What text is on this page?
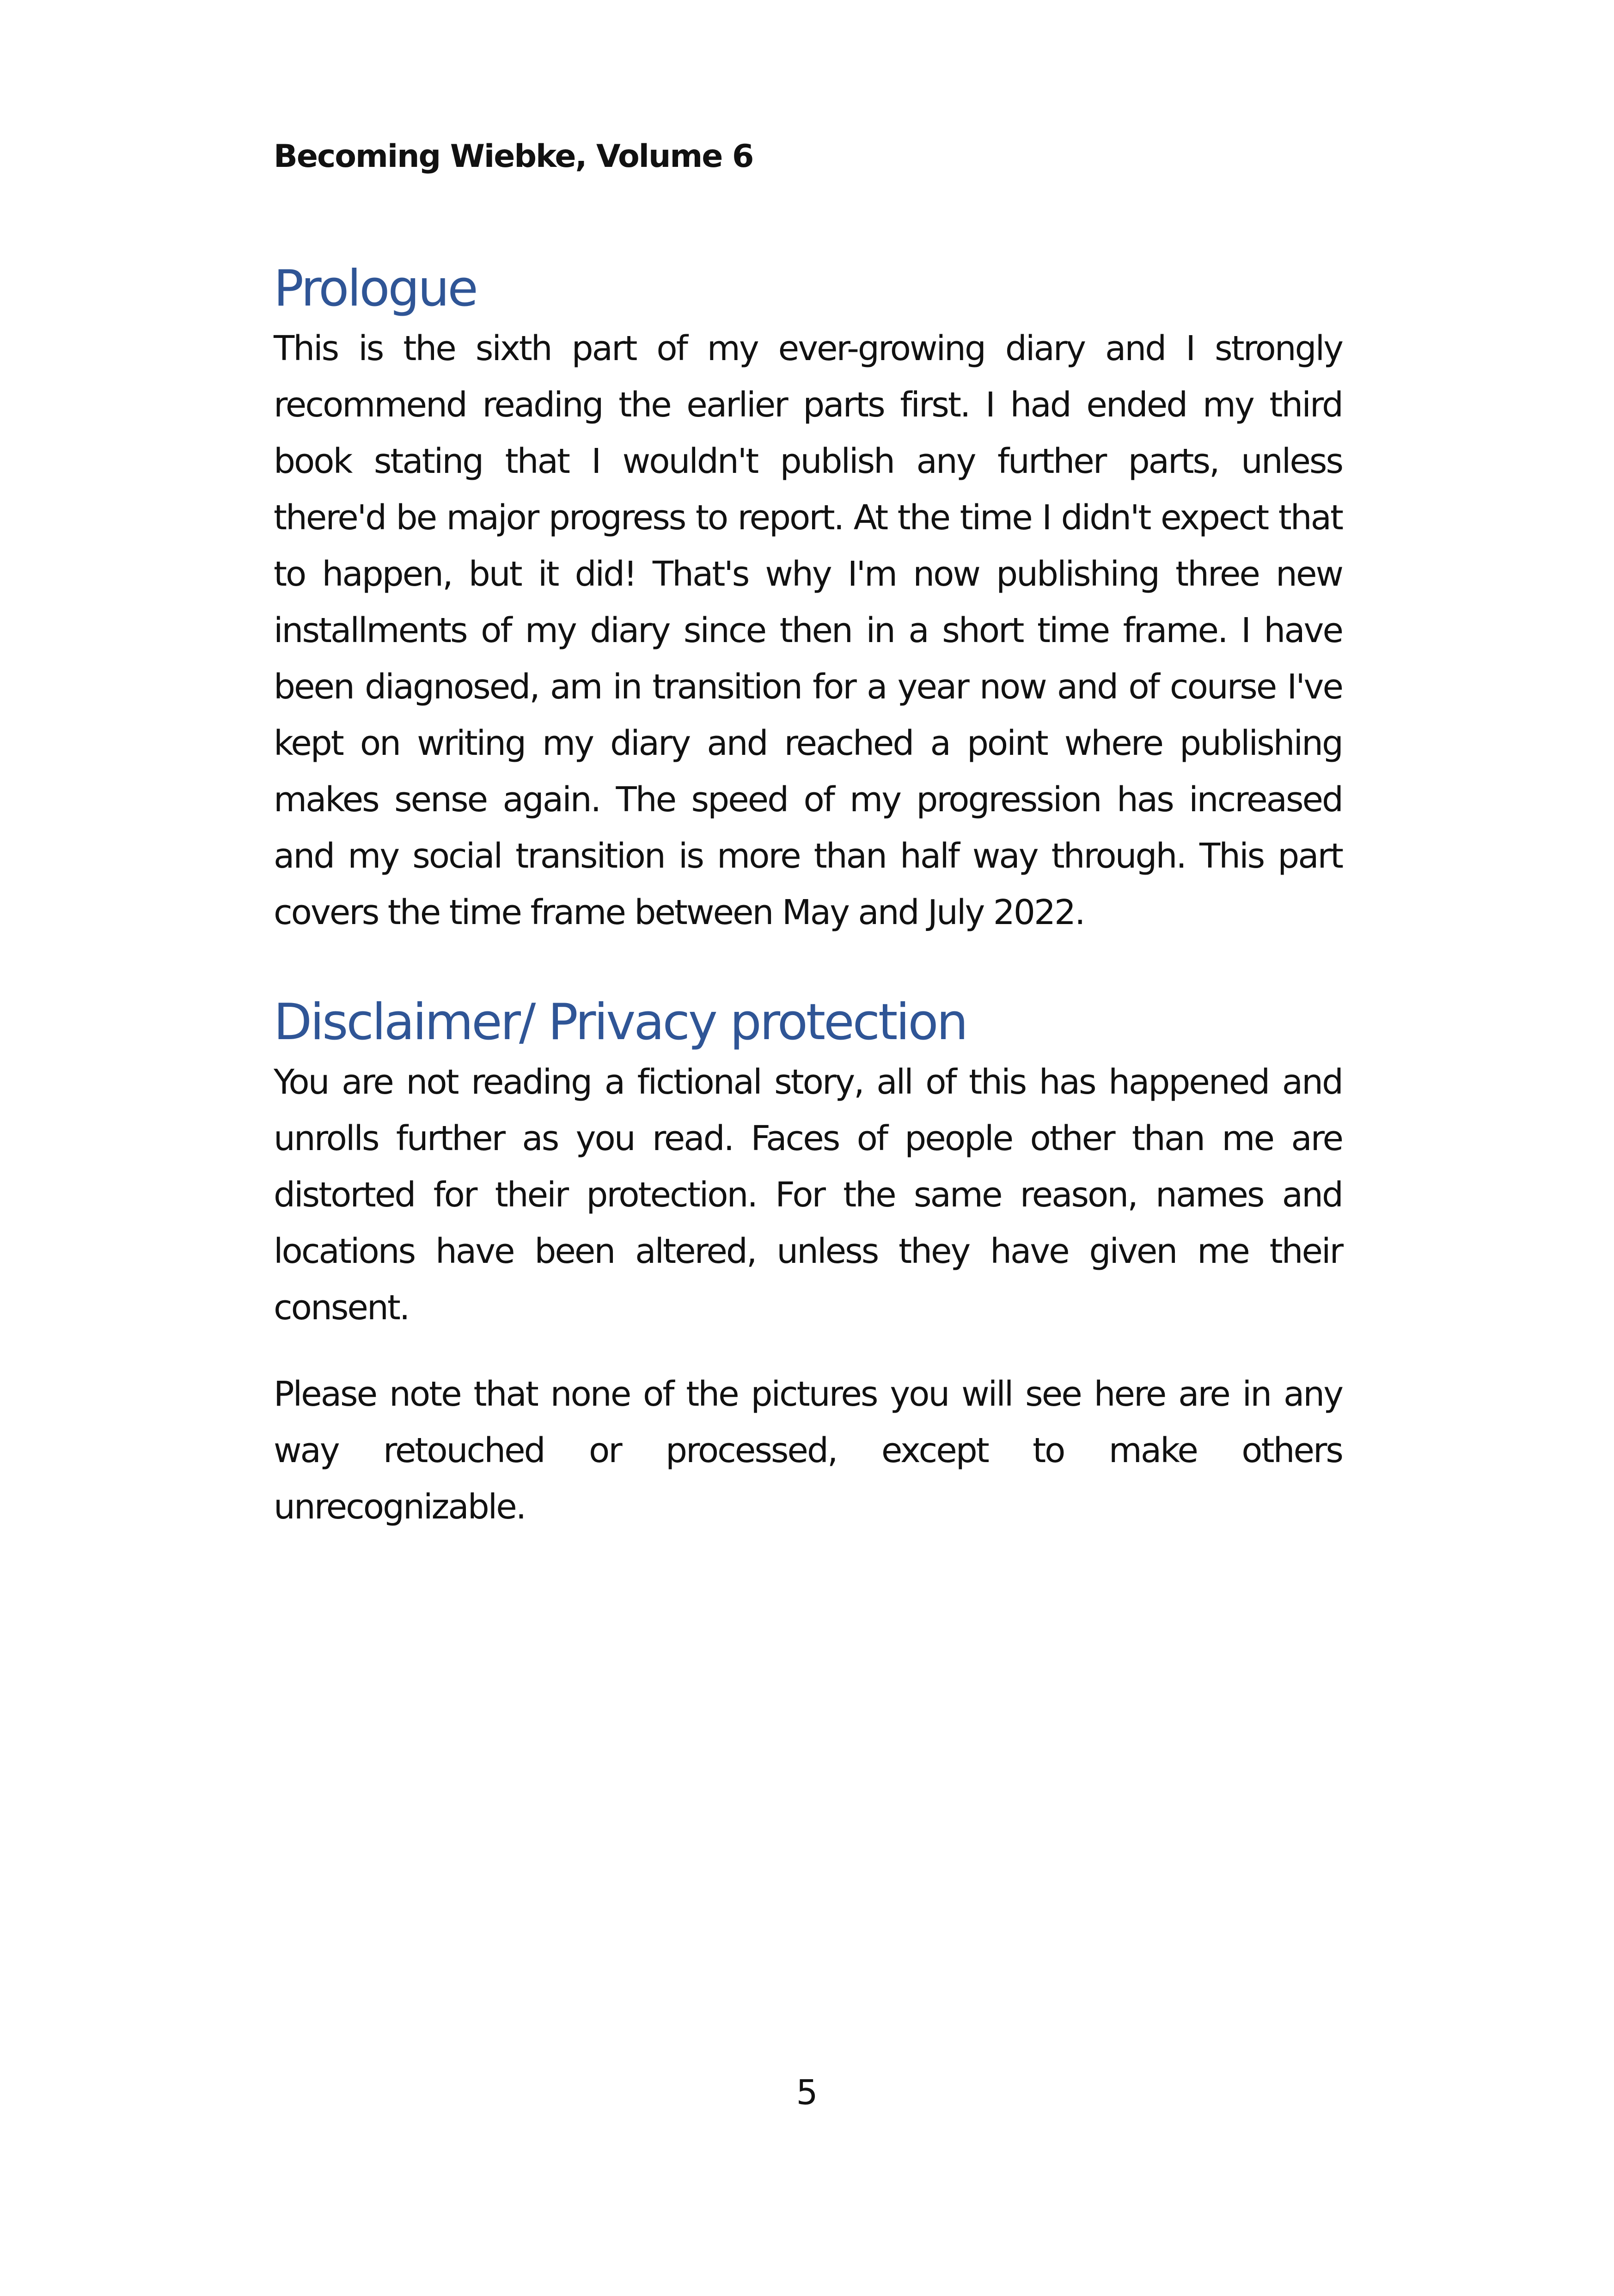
Becoming Wiebke, Volume 6

Prologue

This is the sixth part of my ever-growing diary and I strongly recommend reading the earlier parts first. I had ended my third book stating that I wouldn't publish any further parts, unless there'd be major progress to report. At the time I didn't expect that to happen, but it did! That's why I'm now publishing three new installments of my diary since then in a short time frame. I have been diagnosed, am in transition for a year now and of course I've kept on writing my diary and reached a point where publishing makes sense again. The speed of my progression has increased and my social transition is more than half way through. This part covers the time frame between May and July 2022.

Disclaimer/ Privacy protection

You are not reading a fictional story, all of this has happened and unrolls further as you read. Faces of people other than me are distorted for their protection. For the same reason, names and locations have been altered, unless they have given me their consent.

Please note that none of the pictures you will see here are in any way retouched or processed, except to make others unrecognizable.

5
